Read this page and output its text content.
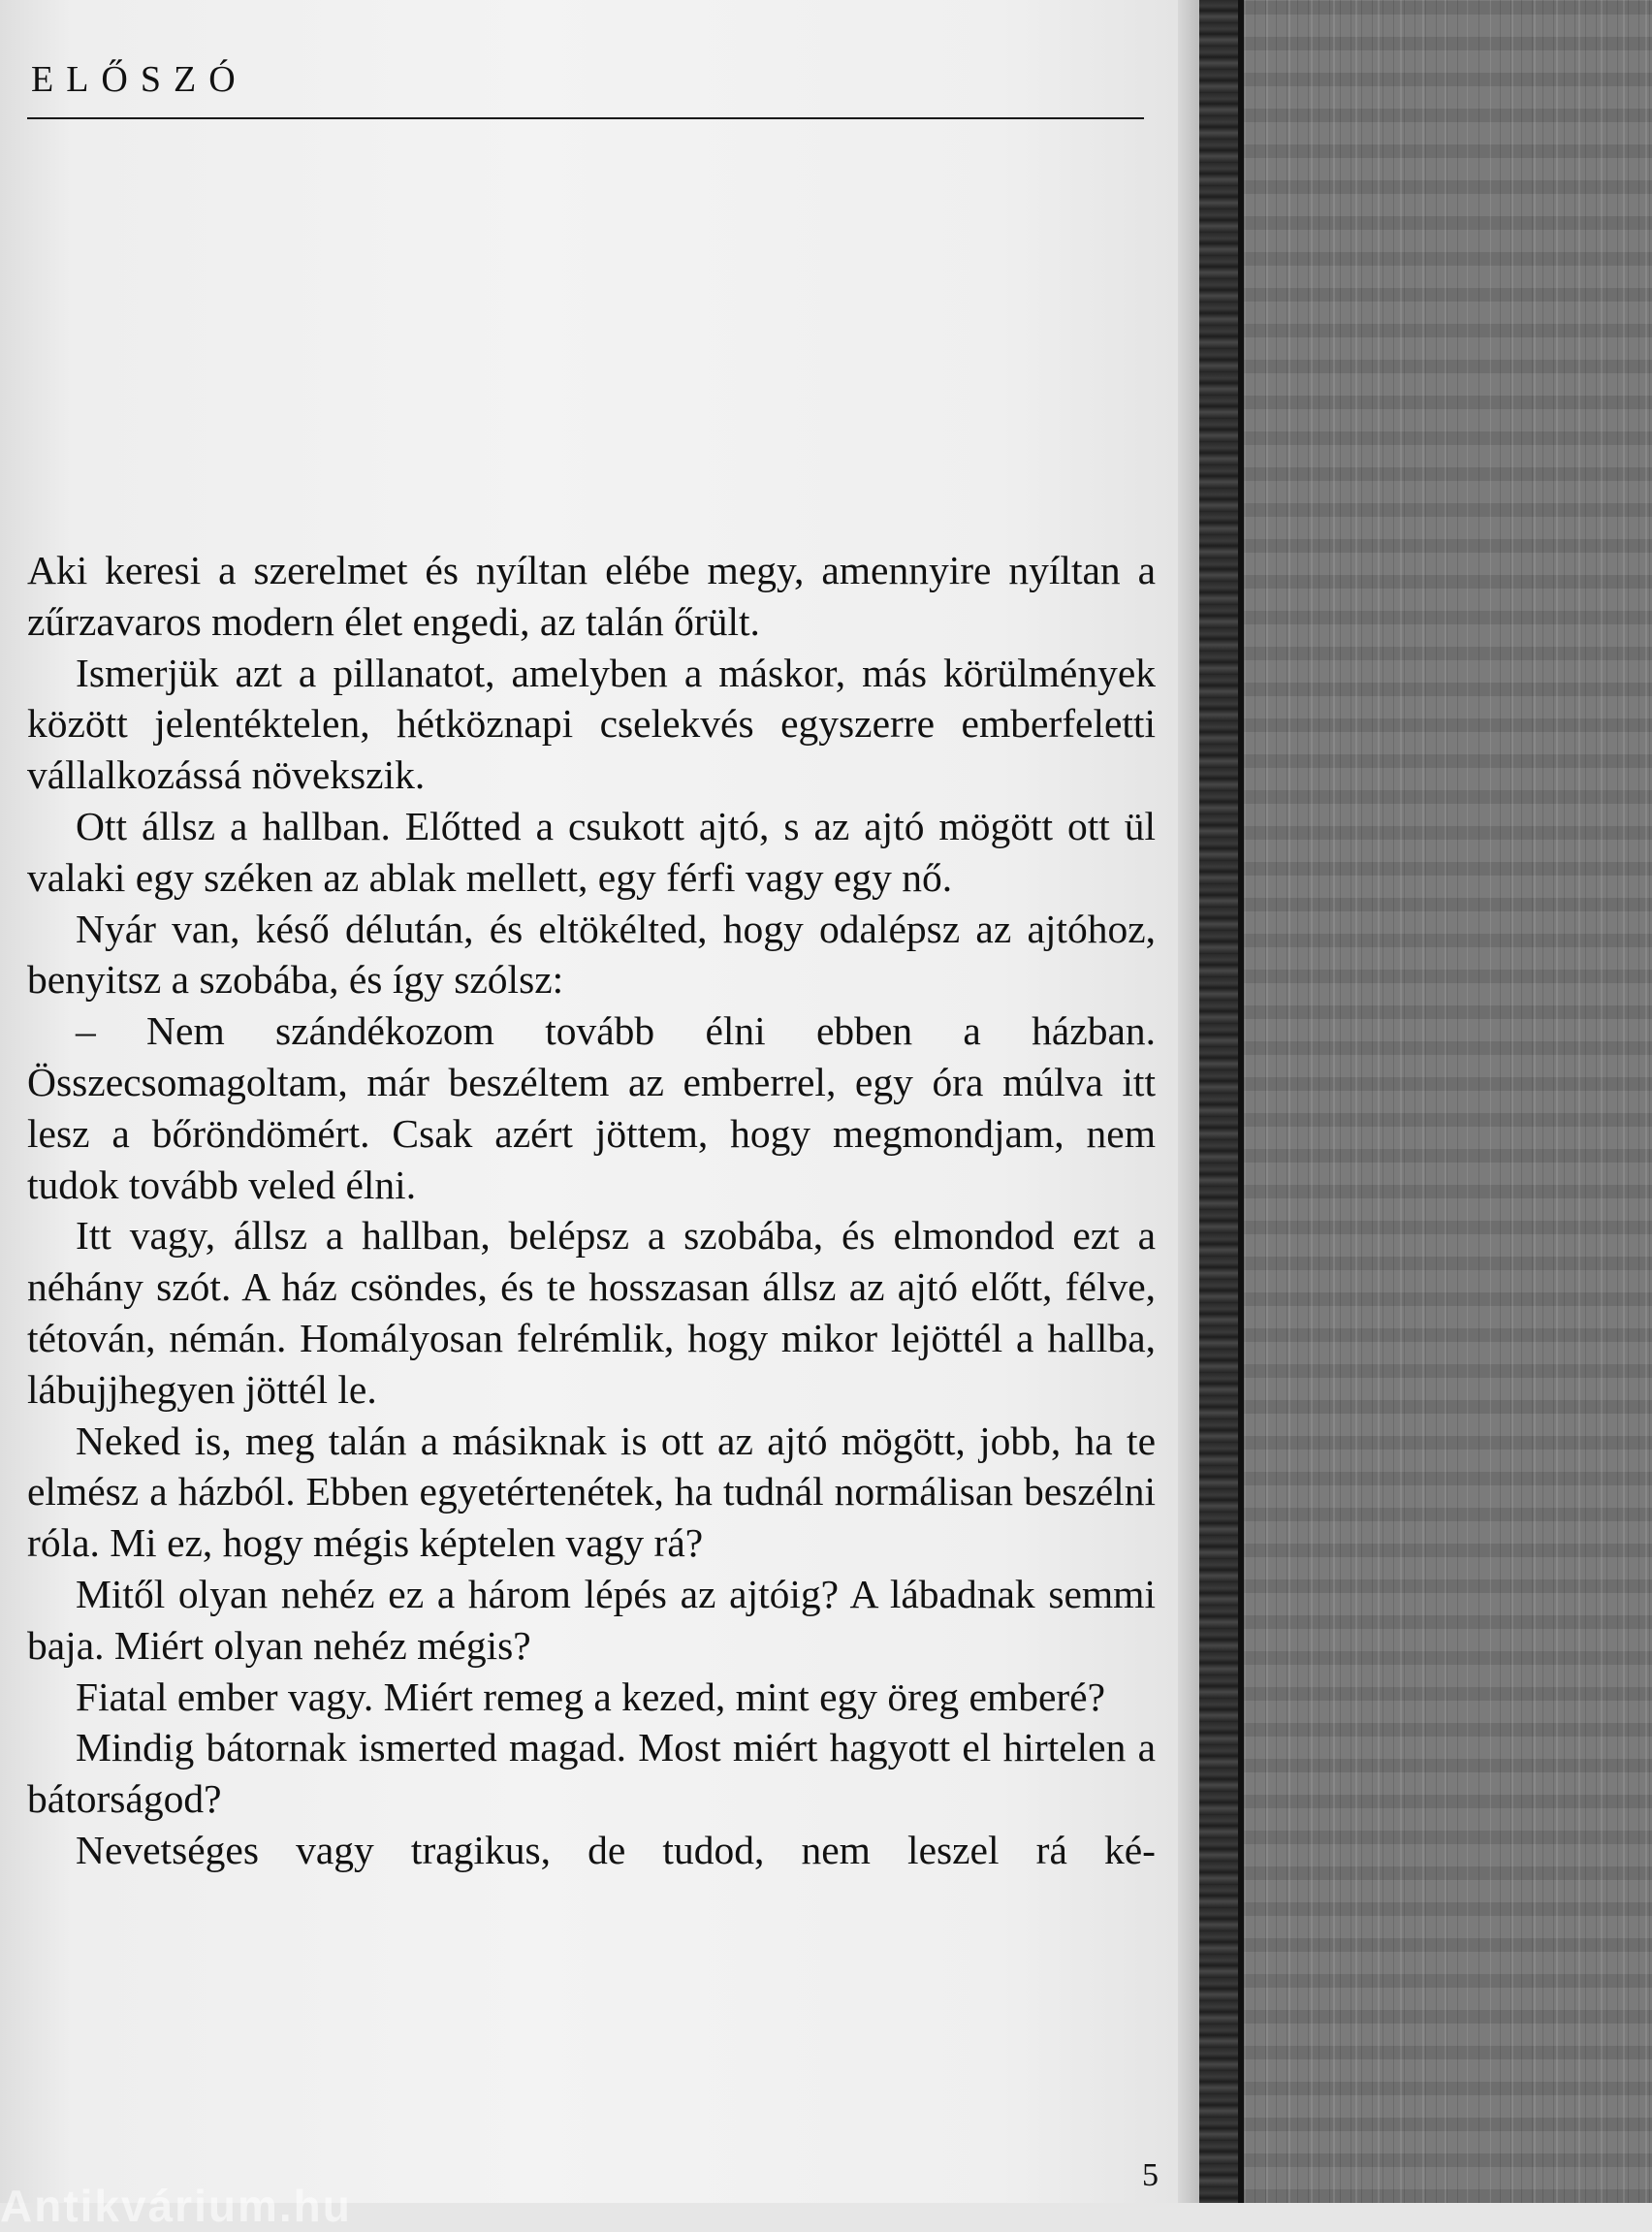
ELŐSZÓ

Aki keresi a szerelmet és nyíltan elébe megy, amennyire nyíltan a zűrzavaros modern élet engedi, az talán őrült.

Ismerjük azt a pillanatot, amelyben a máskor, más körülmények között jelentéktelen, hétköznapi cselekvés egyszerre emberfeletti vállalkozássá növekszik.

Ott állsz a hallban. Előtted a csukott ajtó, s az ajtó mögött ott ül valaki egy széken az ablak mellett, egy férfi vagy egy nő.

Nyár van, késő délután, és eltökélted, hogy odalépsz az ajtóhoz, benyitsz a szobába, és így szólsz:

– Nem szándékozom tovább élni ebben a házban. Összecsomagoltam, már beszéltem az emberrel, egy óra múlva itt lesz a bőröndömért. Csak azért jöttem, hogy megmondjam, nem tudok tovább veled élni.

Itt vagy, állsz a hallban, belépsz a szobába, és elmondod ezt a néhány szót. A ház csöndes, és te hosszasan állsz az ajtó előtt, félve, tétován, némán. Homályosan felrémlik, hogy mikor lejöttél a hallba, lábujjhegyen jöttél le.

Neked is, meg talán a másiknak is ott az ajtó mögött, jobb, ha te elmész a házból. Ebben egyetértenétek, ha tudnál normálisan beszélni róla. Mi ez, hogy mégis képtelen vagy rá?

Mitől olyan nehéz ez a három lépés az ajtóig? A lábadnak semmi baja. Miért olyan nehéz mégis?

Fiatal ember vagy. Miért remeg a kezed, mint egy öreg emberé?

Mindig bátornak ismerted magad. Most miért hagyott el hirtelen a bátorságod?

Nevetséges vagy tragikus, de tudod, nem leszel rá ké-

5
Antikvárium.hu
